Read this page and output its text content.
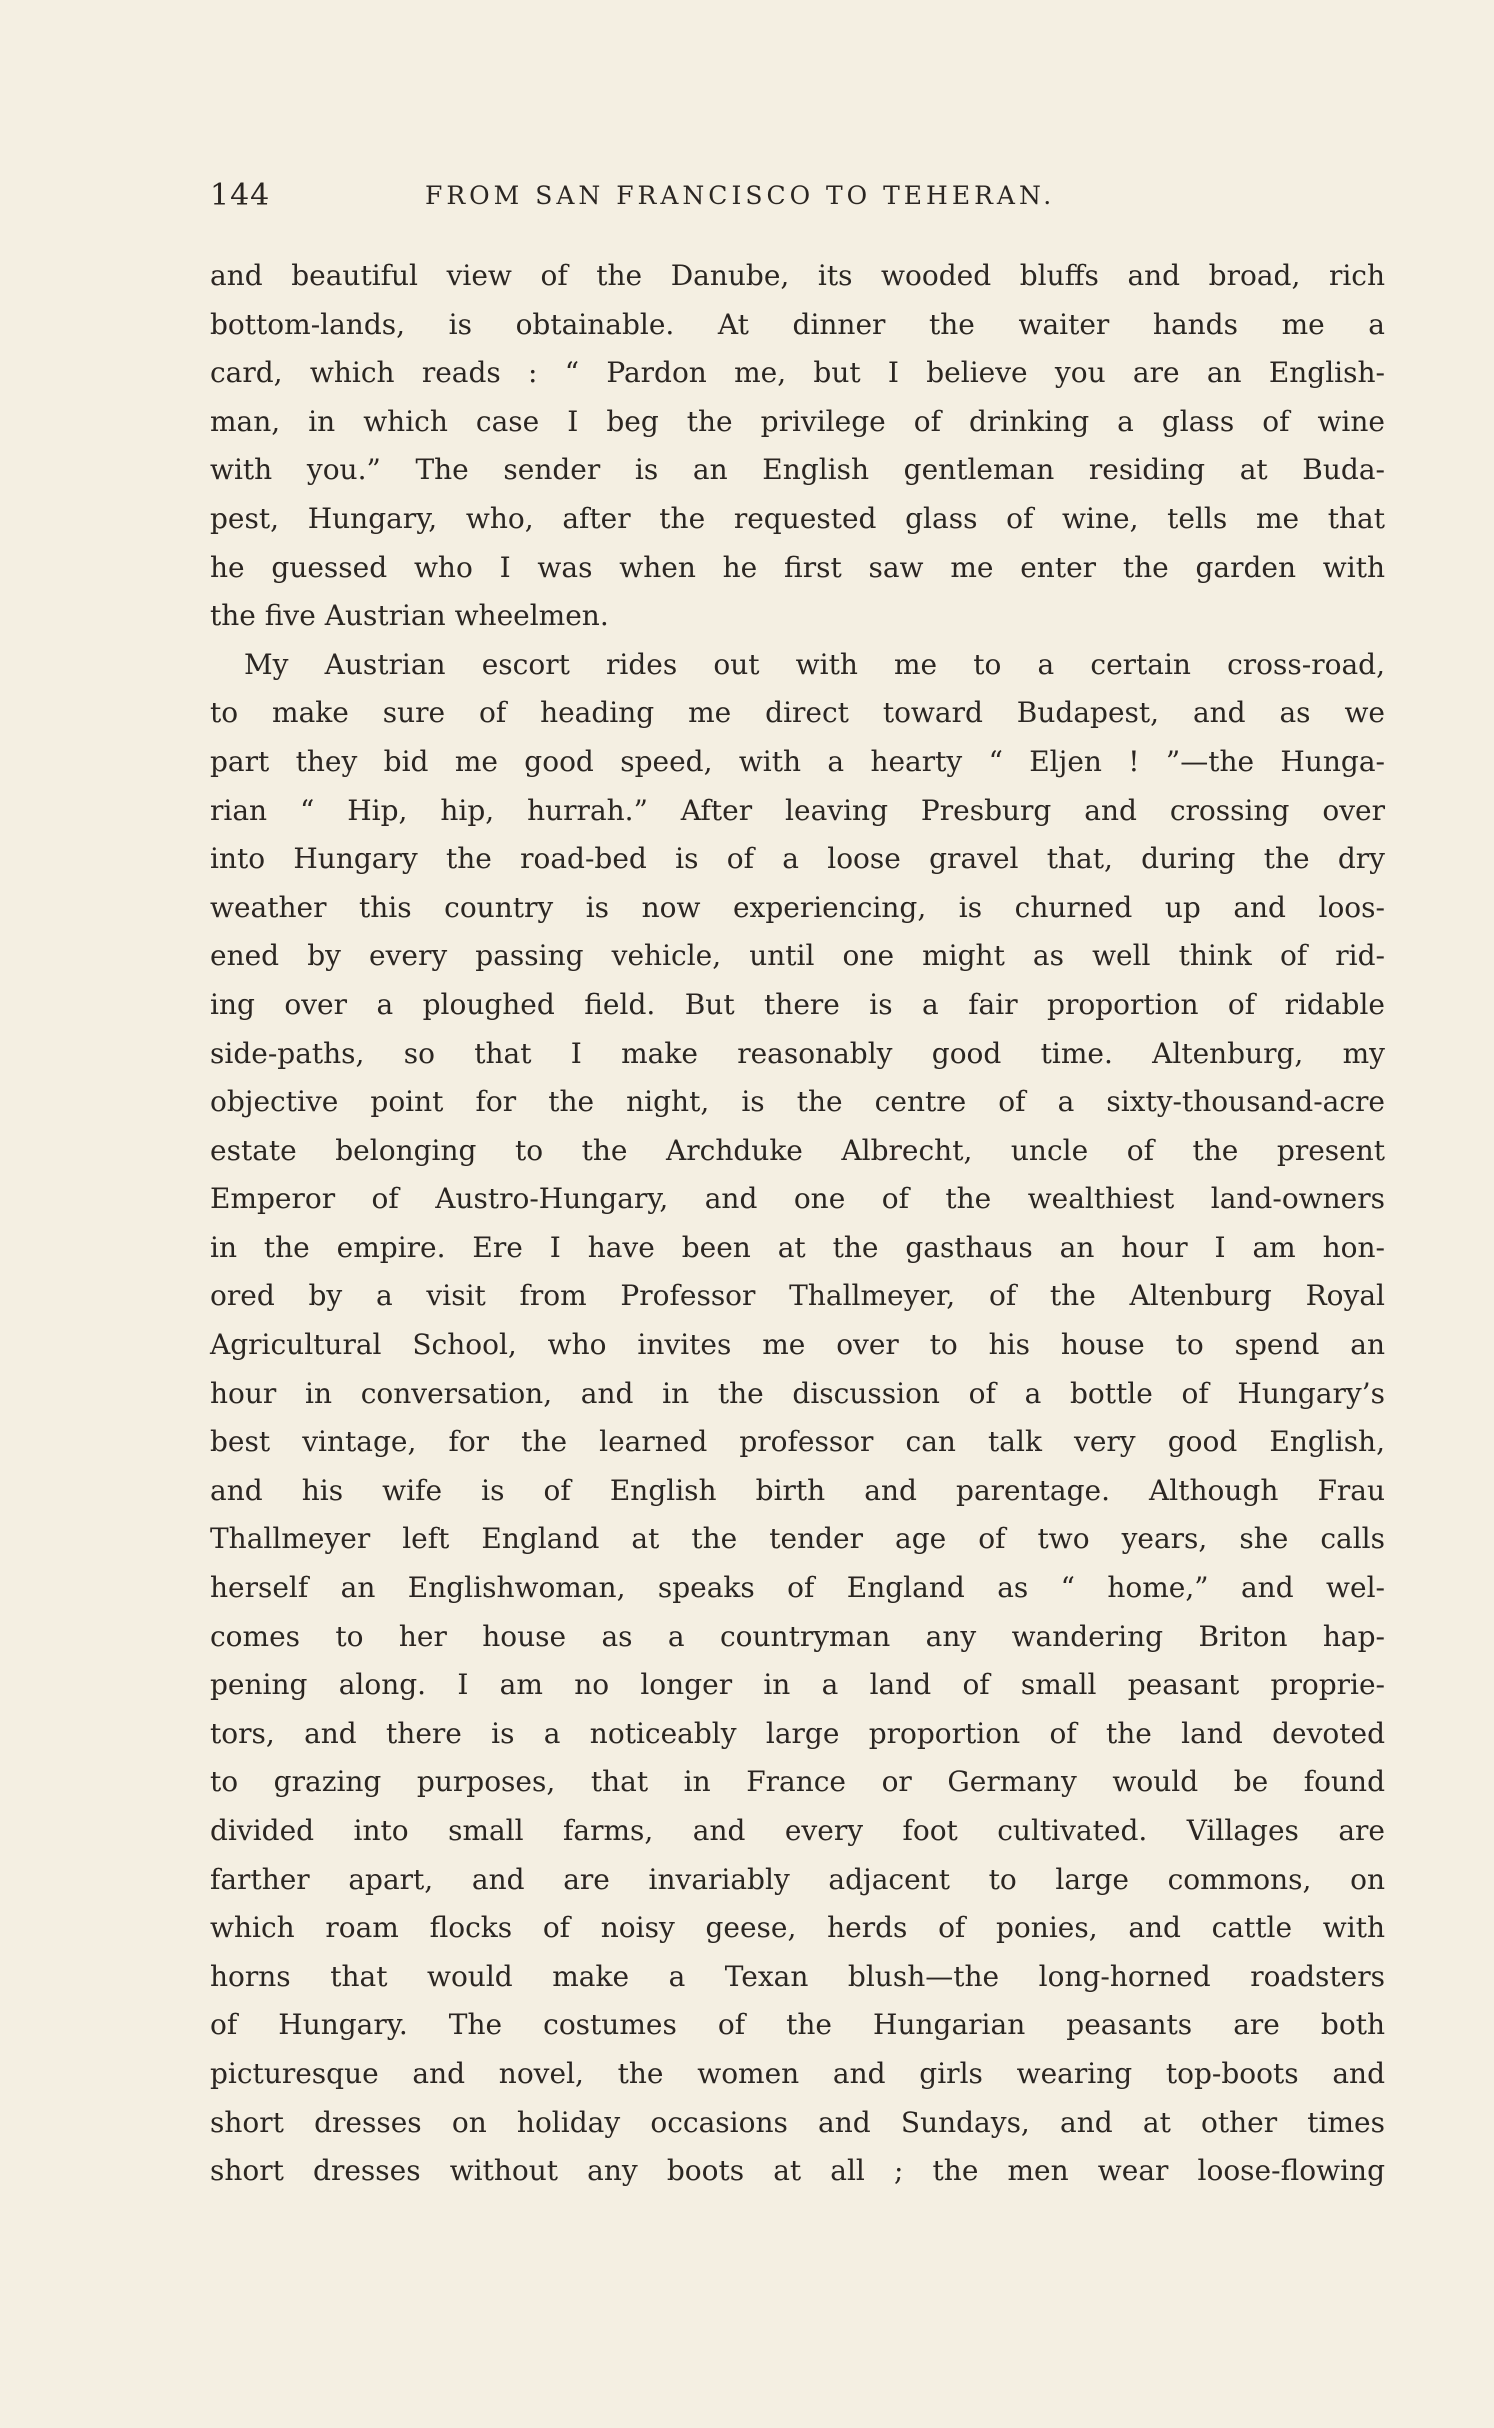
144	FROM SAN FRANCISCO TO TEHERAN.
and beautiful view of the Danube, its wooded bluffs and broad, rich
bottom-lands, is obtainable. At dinner the waiter hands me a
card, which reads : “ Pardon me, but I believe you are an English-
man, in which case I beg the privilege of drinking a glass of wine
with you.” The sender is an English gentleman residing at Buda-
pest, Hungary, who, after the requested glass of wine, tells me that
he guessed who I was when he first saw me enter the garden with
the five Austrian wheelmen.
My Austrian escort rides out with me to a certain cross-road,
to make sure of heading me direct toward Budapest, and as we
part they bid me good speed, with a hearty “ Eljen ! ”—the Hunga-
rian “ Hip, hip, hurrah.” After leaving Presburg and crossing over
into Hungary the road-bed is of a loose gravel that, during the dry
weather this country is now experiencing, is churned up and loos-
ened by every passing vehicle, until one might as well think of rid-
ing over a ploughed field. But there is a fair proportion of ridable
side-paths, so that I make reasonably good time. Altenburg, my
objective point for the night, is the centre of a sixty-thousand-acre
estate belonging to the Archduke Albrecht, uncle of the present
Emperor of Austro-Hungary, and one of the wealthiest land-owners
in the empire. Ere I have been at the gasthaus an hour I am hon-
ored by a visit from Professor Thallmeyer, of the Altenburg Royal
Agricultural School, who invites me over to his house to spend an
hour in conversation, and in the discussion of a bottle of Hungary’s
best vintage, for the learned professor can talk very good English,
and his wife is of English birth and parentage. Although Frau
Thallmeyer left England at the tender age of two years, she calls
herself an Englishwoman, speaks of England as “ home,” and wel-
comes to her house as a countryman any wandering Briton hap-
pening along. I am no longer in a land of small peasant proprie-
tors, and there is a noticeably large proportion of the land devoted
to grazing purposes, that in France or Germany would be found
divided into small farms, and every foot cultivated. Villages are
farther apart, and are invariably adjacent to large commons, on
which roam flocks of noisy geese, herds of ponies, and cattle with
horns that would make a Texan blush—the long-horned roadsters
of Hungary. The costumes of the Hungarian peasants are both
picturesque and novel, the women and girls wearing top-boots and
short dresses on holiday occasions and Sundays, and at other times
short dresses without any boots at all ; the men wear loose-flowing
